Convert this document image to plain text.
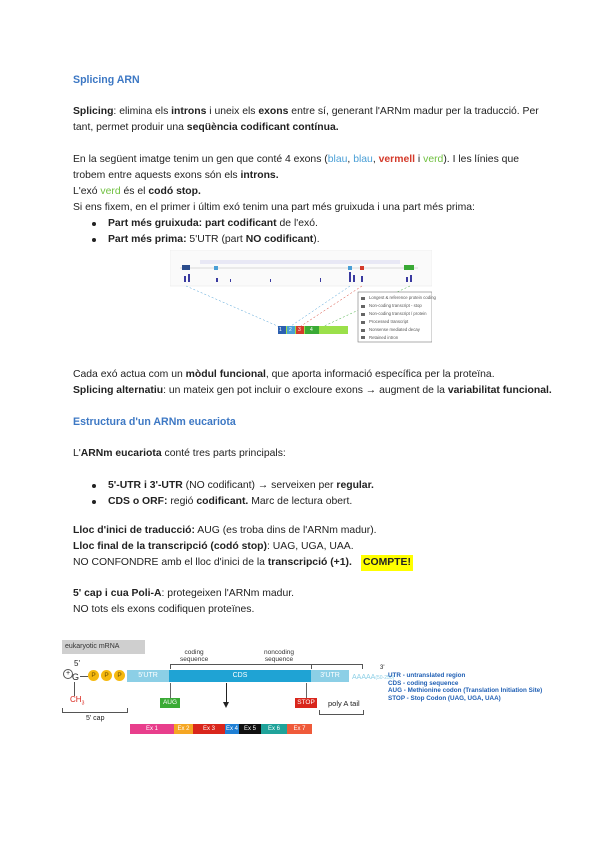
Splicing ARN
Splicing: elimina els introns i uneix els exons entre sí, generant l'ARNm madur per la traducció. Per
tant, permet produir una seqüència codificant contínua.
En la següent imatge tenim un gen que conté 4 exons (blau, blau, vermell i verd). I les línies que
trobem entre aquests exons són els introns.
L'exó verd és el codó stop.
Si ens fixem, en el primer i últim exó tenim una part més gruixuda i una part més prima:
Part més gruixuda: part codificant de l'exó.
Part més prima: 5'UTR (part NO codificant).
Longest & reference protein coding
Non-coding transcript - stop
Non-coding transcript / protein
Processed transcript
Nonsense mediated decay
Retained intron
1 2 3 4
Cada exó actua com un mòdul funcional, que aporta informació específica per la proteïna.
Splicing alternatiu: un mateix gen pot incluir o excloure exons → augment de la variabilitat funcional.
Estructura d'un ARNm eucariota
L'ARNm eucariota conté tres parts principals:
5'-UTR i 3'-UTR (NO codificant) → serveixen per regular.
CDS o ORF: regió codificant. Marc de lectura obert.
Lloc d'inici de traducció: AUG (es troba dins de l'ARNm madur).
Lloc final de la transcripció (codó stop): UAG, UGA, UAA.
NO CONFONDRE amb el lloc d'inici de la transcripció (+1). COMPTE!
5' cap i cua Poli-A: protegeixen l'ARNm madur.
NO tots els exons codifiquen proteïnes.
eukaryotic mRNA
+
5'
G	P	P	P
$CH_3$
5' cap
5'UTR	CDS	3'UTR	AAAAA(50-250)
3'
coding
sequence
noncoding
sequence
AUG	STOP poly A tail
Ex 1	Ex 2	Ex 3	Ex 4 Ex 5	Ex 6	Ex 7
UTR - untranslated region
CDS - coding sequence
AUG - Methionine codon (Translation Initiation Site)
STOP - Stop Codon (UAG, UGA, UAA)
